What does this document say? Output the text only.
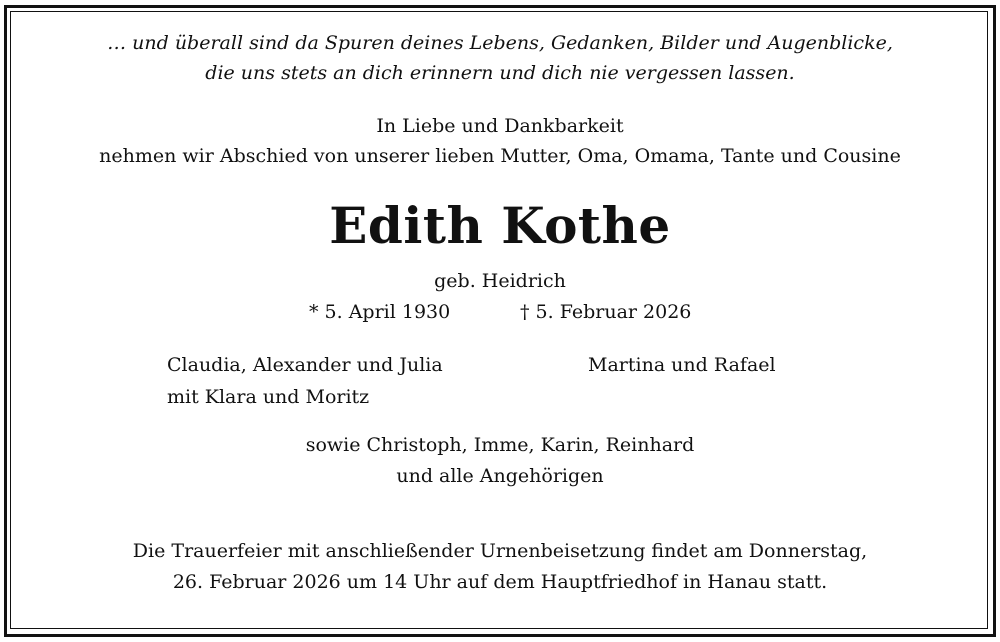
… und überall sind da Spuren deines Lebens, Gedanken, Bilder und Augenblicke,
die uns stets an dich erinnern und dich nie vergessen lassen.
In Liebe und Dankbarkeit
nehmen wir Abschied von unserer lieben Mutter, Oma, Omama, Tante und Cousine
Edith Kothe
geb. Heidrich
* 5. April 1930	† 5. Februar 2026
Claudia, Alexander und Julia
mit Klara und Moritz
Martina und Rafael
sowie Christoph, Imme, Karin, Reinhard
und alle Angehörigen
Die Trauerfeier mit anschließender Urnenbeisetzung findet am Donnerstag,
26. Februar 2026 um 14 Uhr auf dem Hauptfriedhof in Hanau statt.
